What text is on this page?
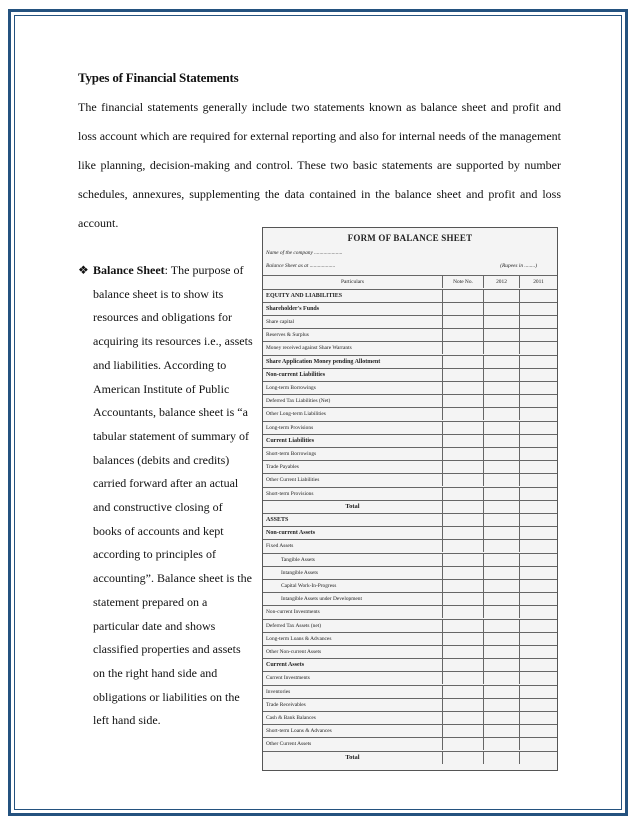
Types of Financial Statements
The financial statements generally include two statements known as balance sheet and profit and loss account which are required for external reporting and also for internal needs of the management like planning, decision-making and control. These two basic statements are supported by number schedules, annexures, supplementing the data contained in the balance sheet and profit and loss account.
❖ Balance Sheet: The purpose of balance sheet is to show its resources and obligations for acquiring its resources i.e., assets and liabilities. According to American Institute of Public Accountants, balance sheet is “a tabular statement of summary of balances (debits and credits) carried forward after an actual and constructive closing of books of accounts and kept according to principles of accounting”. Balance sheet is the statement prepared on a particular date and shows classified properties and assets on the right hand side and obligations or liabilities on the left hand side.
FORM OF BALANCE SHEET
Name of the company .....................
Balance Sheet as at ...................	(Rupees in ........)
Particulars	Note No.	2012	2011
EQUITY AND LIABILITIES
Shareholder's Funds
Share capital
Reserves & Surplus
Money received against Share Warrants
Share Application Money pending Allotment
Non-current Liabilities
Long-term Borrowings
Deferred Tax Liabilities (Net)
Other Long-term Liabilities
Long-term Provisions
Current Liabilities
Short-term Borrowings
Trade Payables
Other Current Liabilities
Short-term Provisions
Total
ASSETS
Non-current Assets
Fixed Assets
Tangible Assets
Intangible Assets
Capital Work-In-Progress
Intangible Assets under Development
Non-current Investments
Deferred Tax Assets (net)
Long-term Loans & Advances
Other Non-current Assets
Current Assets
Current Investments
Inventories
Trade Receivables
Cash & Bank Balances
Short-term Loans & Advances
Other Current Assets
Total
